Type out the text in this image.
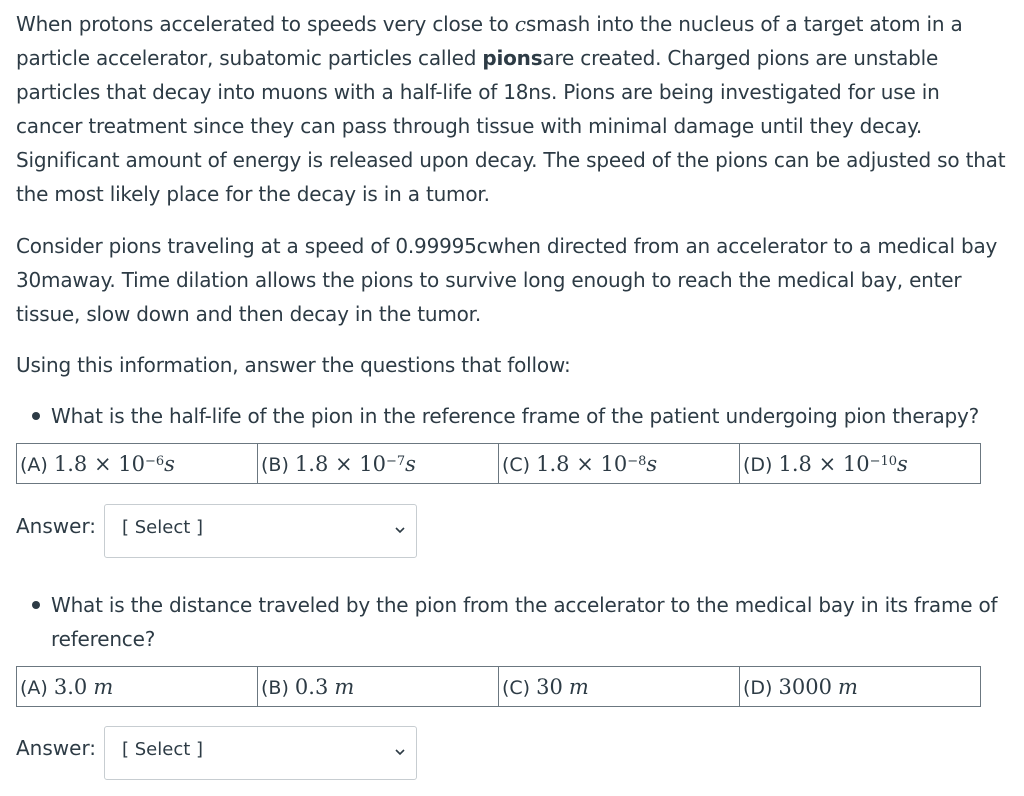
When protons accelerated to speeds very close to csmash into the nucleus of a target atom in a particle accelerator, subatomic particles called pionsare created. Charged pions are unstable particles that decay into muons with a half-life of 18ns. Pions are being investigated for use in cancer treatment since they can pass through tissue with minimal damage until they decay. Significant amount of energy is released upon decay. The speed of the pions can be adjusted so that the most likely place for the decay is in a tumor.

Consider pions traveling at a speed of 0.99995cwhen directed from an accelerator to a medical bay 30maway. Time dilation allows the pions to survive long enough to reach the medical bay, enter tissue, slow down and then decay in the tumor.

Using this information, answer the questions that follow:

What is the half-life of the pion in the reference frame of the patient undergoing pion therapy?
(A) $1.8 \times 10^{-6}s$	(B) $1.8 \times 10^{-7}s$	(C) $1.8 \times 10^{-8}s$	(D) $1.8 \times 10^{-10}s$
Answer: [ Select ]
What is the distance traveled by the pion from the accelerator to the medical bay in its frame of reference?
(A) 3.0 m	(B) 0.3 m	(C) 30 m	(D) 3000 m
Answer: [ Select ]
